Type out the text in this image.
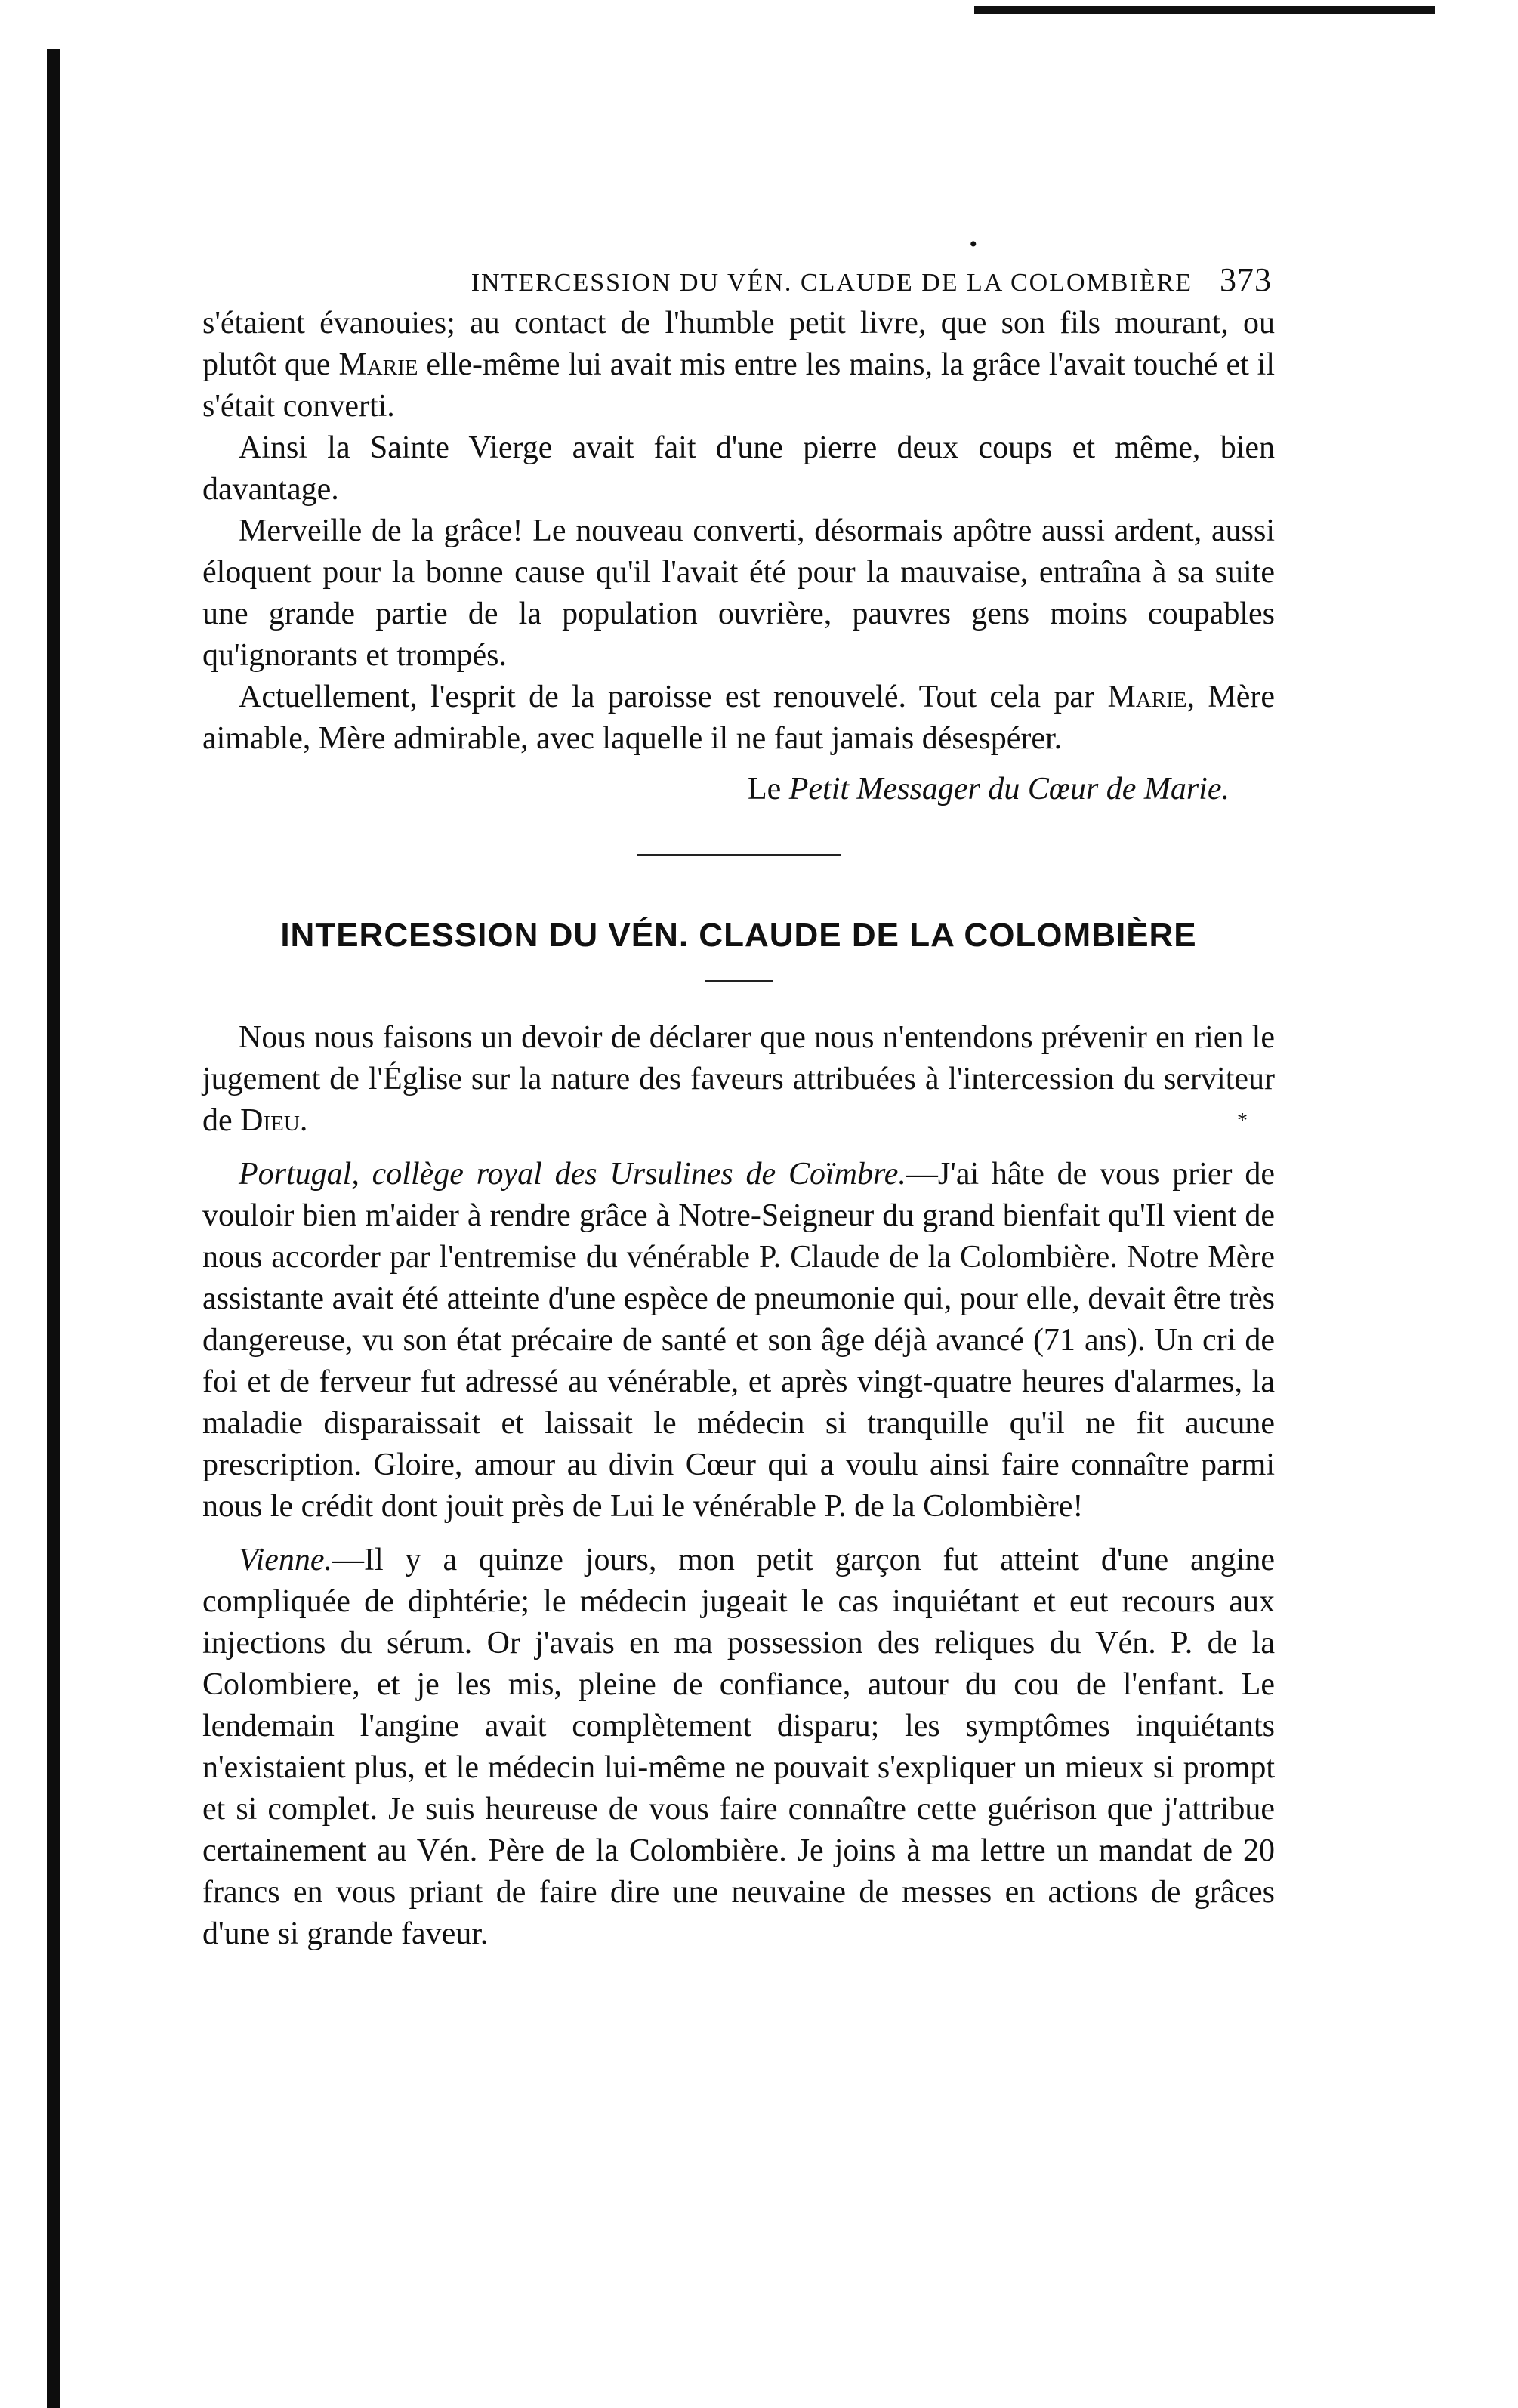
•
INTERCESSION DU VÉN. CLAUDE DE LA COLOMBIÈRE 373

s'étaient évanouies; au contact de l'humble petit livre, que son fils mourant, ou plutôt que Marie elle-même lui avait mis entre les mains, la grâce l'avait touché et il s'était converti.

Ainsi la Sainte Vierge avait fait d'une pierre deux coups et même, bien davantage.

Merveille de la grâce! Le nouveau converti, désormais apôtre aussi ardent, aussi éloquent pour la bonne cause qu'il l'avait été pour la mauvaise, entraîna à sa suite une grande partie de la population ouvrière, pauvres gens moins coupables qu'ignorants et trompés.

Actuellement, l'esprit de la paroisse est renouvelé. Tout cela par Marie, Mère aimable, Mère admirable, avec laquelle il ne faut jamais désespérer.

Le Petit Messager du Cœur de Marie.
INTERCESSION DU VÉN. CLAUDE DE LA COLOMBIÈRE

Nous nous faisons un devoir de déclarer que nous n'entendons prévenir en rien le jugement de l'Église sur la nature des faveurs attribuées à l'intercession du serviteur de Dieu.	*

Portugal, collège royal des Ursulines de Coïmbre.—J'ai hâte de vous prier de vouloir bien m'aider à rendre grâce à Notre-Seigneur du grand bienfait qu'Il vient de nous accorder par l'entremise du vénérable P. Claude de la Colombière. Notre Mère assistante avait été atteinte d'une espèce de pneumonie qui, pour elle, devait être très dangereuse, vu son état précaire de santé et son âge déjà avancé (71 ans). Un cri de foi et de ferveur fut adressé au vénérable, et après vingt-quatre heures d'alarmes, la maladie disparaissait et laissait le médecin si tranquille qu'il ne fit aucune prescription. Gloire, amour au divin Cœur qui a voulu ainsi faire connaître parmi nous le crédit dont jouit près de Lui le vénérable P. de la Colombière!

Vienne.—Il y a quinze jours, mon petit garçon fut atteint d'une angine compliquée de diphtérie; le médecin jugeait le cas inquiétant et eut recours aux injections du sérum. Or j'avais en ma possession des reliques du Vén. P. de la Colombiere, et je les mis, pleine de confiance, autour du cou de l'enfant. Le lendemain l'angine avait complètement disparu; les symptômes inquiétants n'existaient plus, et le médecin lui-même ne pouvait s'expliquer un mieux si prompt et si complet. Je suis heureuse de vous faire connaître cette guérison que j'attribue certainement au Vén. Père de la Colombière. Je joins à ma lettre un mandat de 20 francs en vous priant de faire dire une neuvaine de messes en actions de grâces d'une si grande faveur.
